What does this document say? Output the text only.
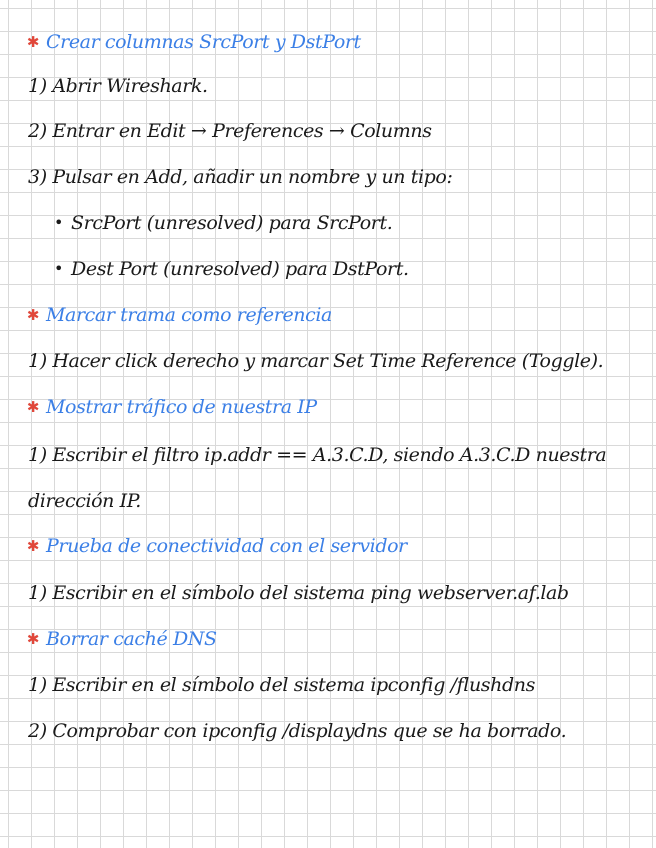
✱ Crear columnas SrcPort y DstPort
1) Abrir Wireshark.
2) Entrar en Edit → Preferences → Columns
3) Pulsar en Add, añadir un nombre y un tipo:
• SrcPort (unresolved) para SrcPort.
• Dest Port (unresolved) para DstPort.
✱ Marcar trama como referencia
1) Hacer click derecho y marcar Set Time Reference (Toggle).
✱ Mostrar tráfico de nuestra IP
1) Escribir el filtro ip.addr == A.3.C.D, siendo A.3.C.D nuestra
dirección IP.
✱ Prueba de conectividad con el servidor
1) Escribir en el símbolo del sistema ping webserver.af.lab
✱ Borrar caché DNS
1) Escribir en el símbolo del sistema ipconfig /flushdns
2) Comprobar con ipconfig /displaydns que se ha borrado.
